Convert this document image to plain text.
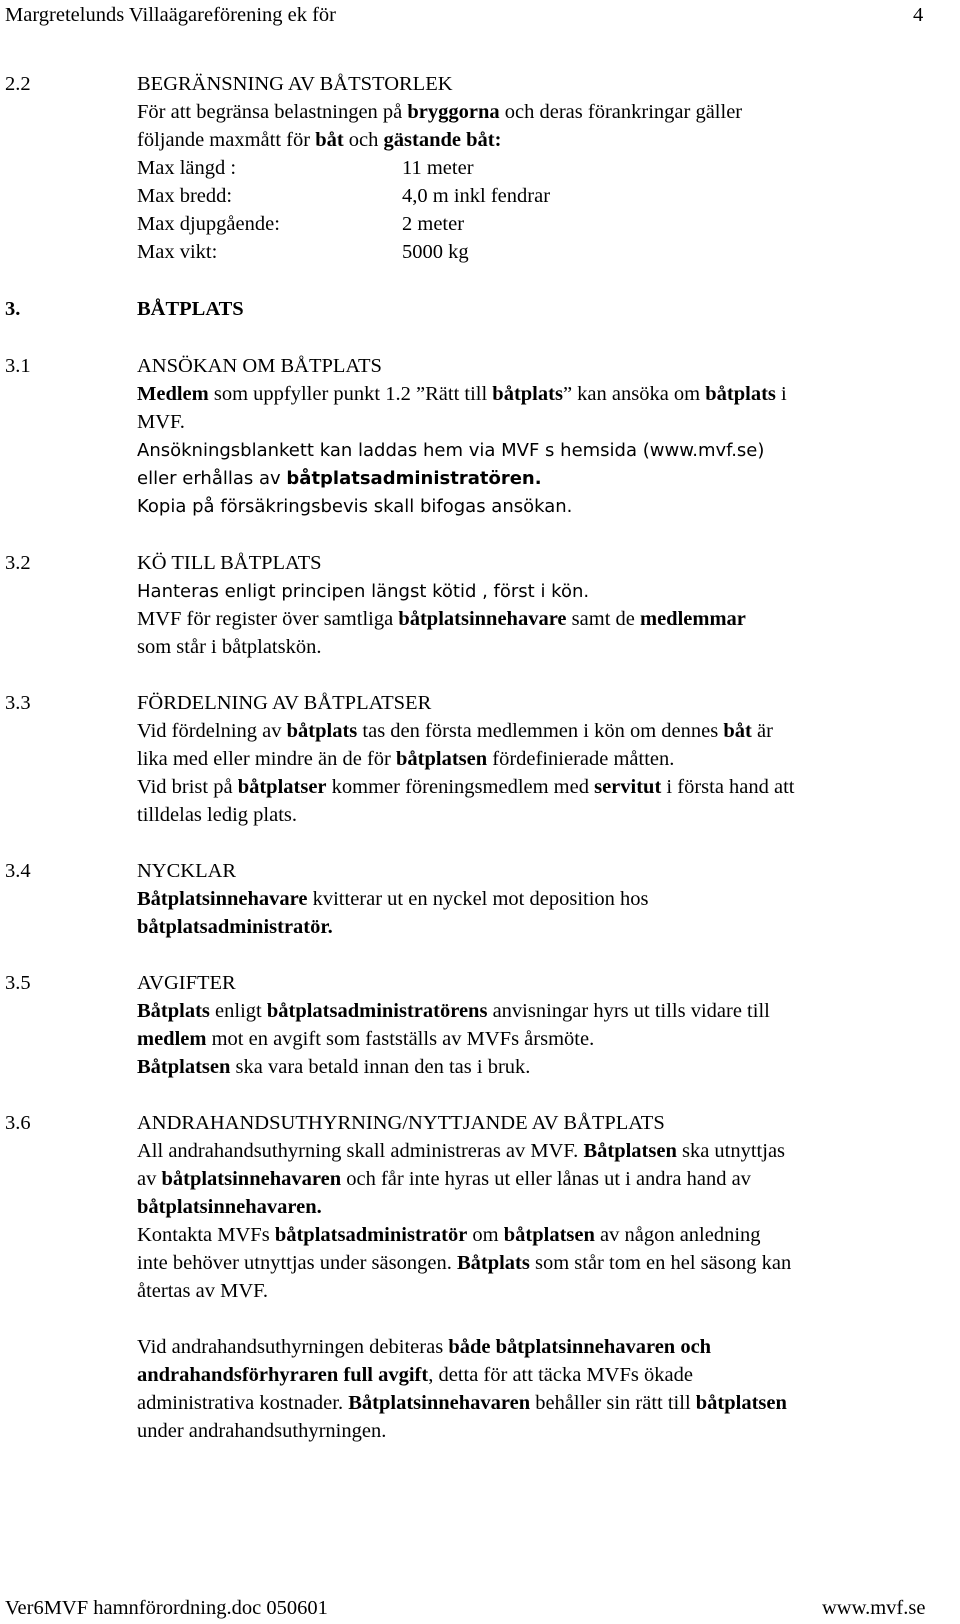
Margretelunds Villaägareförening ek för	4
2.2	BEGRÄNSNING AV BÅTSTORLEK
För att begränsa belastningen på bryggorna och deras förankringar gäller
följande maxmått för båt och gästande båt:
Max längd :	11 meter
Max bredd:	4,0 m inkl fendrar
Max djupgående:	2 meter
Max vikt:	5000 kg
3.	BÅTPLATS
3.1	ANSÖKAN OM BÅTPLATS
Medlem som uppfyller punkt 1.2 ”Rätt till båtplats” kan ansöka om båtplats i
MVF.
Ansökningsblankett kan laddas hem via MVF s hemsida (www.mvf.se)
eller erhållas av båtplatsadministratören.
Kopia på försäkringsbevis skall bifogas ansökan.
3.2	KÖ TILL BÅTPLATS
Hanteras enligt principen längst kötid , först i kön.
MVF för register över samtliga båtplatsinnehavare samt de medlemmar
som står i båtplatskön.
3.3	FÖRDELNING AV BÅTPLATSER
Vid fördelning av båtplats tas den första medlemmen i kön om dennes båt är
lika med eller mindre än de för båtplatsen fördefinierade måtten.
Vid brist på båtplatser kommer föreningsmedlem med servitut i första hand att
tilldelas ledig plats.
3.4	NYCKLAR
Båtplatsinnehavare kvitterar ut en nyckel mot deposition hos
båtplatsadministratör.
3.5	AVGIFTER
Båtplats enligt båtplatsadministratörens anvisningar hyrs ut tills vidare till
medlem mot en avgift som fastställs av MVFs årsmöte.
Båtplatsen ska vara betald innan den tas i bruk.
3.6	ANDRAHANDSUTHYRNING/NYTTJANDE AV BÅTPLATS
All andrahandsuthyrning skall administreras av MVF. Båtplatsen ska utnyttjas
av båtplatsinnehavaren och får inte hyras ut eller lånas ut i andra hand av
båtplatsinnehavaren.
Kontakta MVFs båtplatsadministratör om båtplatsen av någon anledning
inte behöver utnyttjas under säsongen. Båtplats som står tom en hel säsong kan
återtas av MVF.
Vid andrahandsuthyrningen debiteras både båtplatsinnehavaren och
andrahandsförhyraren full avgift, detta för att täcka MVFs ökade
administrativa kostnader. Båtplatsinnehavaren behåller sin rätt till båtplatsen
under andrahandsuthyrningen.
Ver6MVF hamnförordning.doc 050601	www.mvf.se
